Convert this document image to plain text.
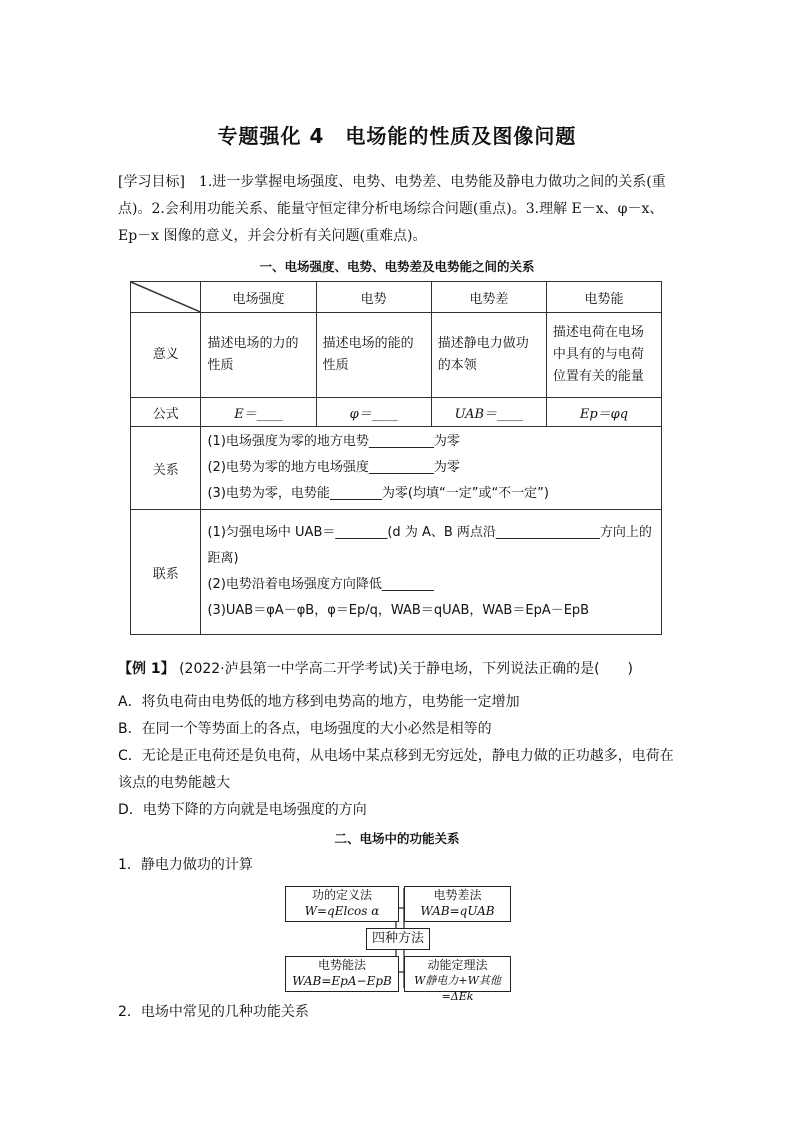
专题强化 4　电场能的性质及图像问题
[学习目标]　1.进一步掌握电场强度、电势、电势差、电势能及静电力做功之间的关系(重点)。2.会利用功能关系、能量守恒定律分析电场综合问题(重点)。3.理解 E－x、φ－x、Ep－x 图像的意义，并会分析有关问题(重难点)。
一、电场强度、电势、电势差及电势能之间的关系
	电场强度	电势	电势差	电势能
意义	描述电场的力的性质	描述电场的能的性质	描述静电力做功的本领	描述电荷在电场中具有的与电荷位置有关的能量
公式	E＝____	φ＝____	UAB＝____	Ep＝φq
关系	(1)电场强度为零的地方电势__________为零
(2)电势为零的地方电场强度__________为零
(3)电势为零，电势能________为零(均填“一定”或“不一定”)			

联系	(1)匀强电场中 UAB＝________(d 为 A、B 两点沿________________方向上的距离)
(2)电势沿着电场强度方向降低________
(3)UAB＝φA－φB，φ＝Ep/q，WAB＝qUAB，WAB＝EpA－EpB			
【例 1】 (2022·泸县第一中学高二开学考试)关于静电场，下列说法正确的是(　　)
A．将负电荷由电势低的地方移到电势高的地方，电势能一定增加
B．在同一个等势面上的各点，电场强度的大小必然是相等的
C．无论是正电荷还是负电荷，从电场中某点移到无穷远处，静电力做的正功越多，电荷在该点的电势能越大
D．电势下降的方向就是电场强度的方向
二、电场中的功能关系
1．静电力做功的计算
功的定义法
W=qElcos α
电势差法
WAB=qUAB
四种方法
电势能法
WAB=EpA−EpB
动能定理法
W静电力+W其他=ΔEk
2．电场中常见的几种功能关系
